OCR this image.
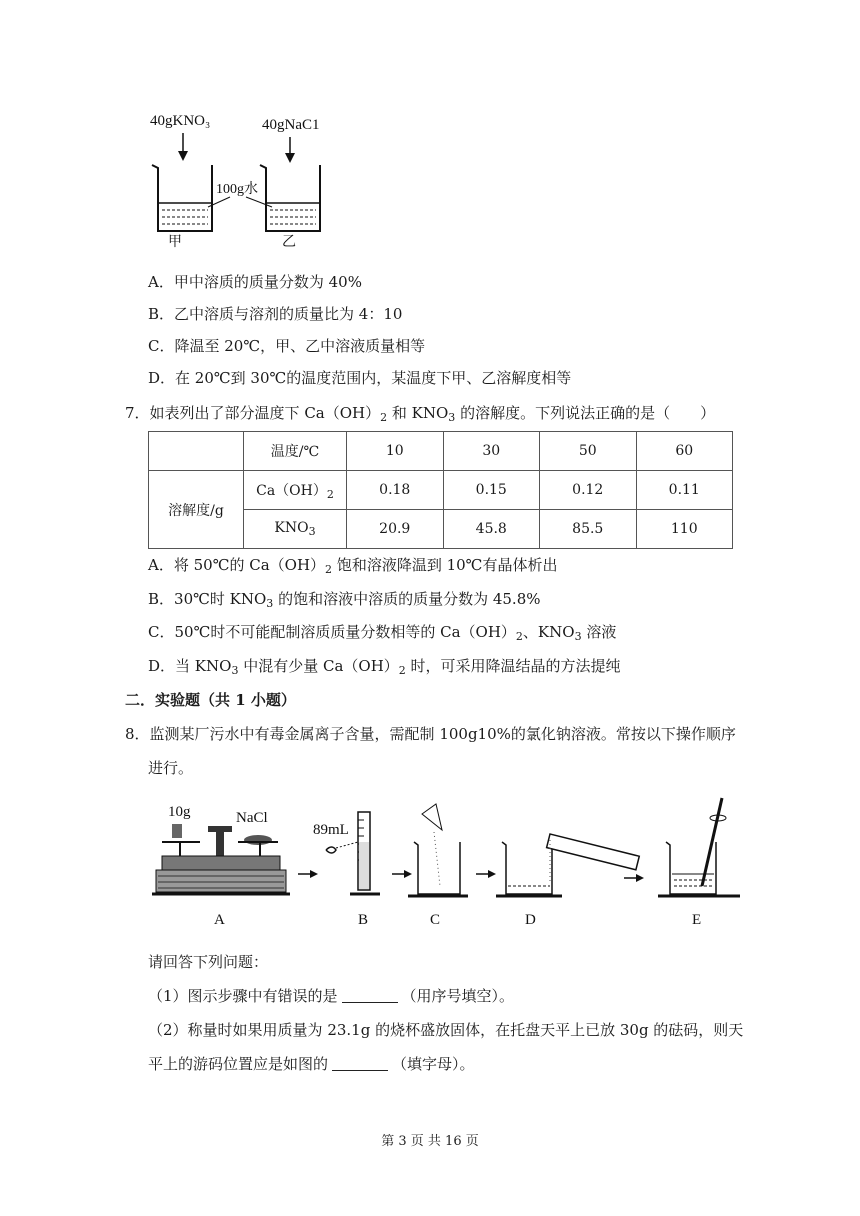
40gKNO₃	40gNaC1
100g水
甲	乙
A．甲中溶质的质量分数为 40%
B．乙中溶质与溶剂的质量比为 4：10
C．降温至 20℃，甲、乙中溶液质量相等
D．在 20℃到 30℃的温度范围内，某温度下甲、乙溶解度相等
7．如表列出了部分温度下 $Ca(OH)_2$ 和 $KNO_3$ 的溶解度。下列说法正确的是（　　）
	温度/℃	10	30	50	60
溶解度/g	$Ca(OH)_2$	0.18	0.15	0.12	0.11
	$KNO_3$	20.9	45.8	85.5	110
A．将 50℃的 $Ca(OH)_2$ 饱和溶液降温到 10℃有晶体析出
B．30℃时 $KNO_3$ 的饱和溶液中溶质的质量分数为 45.8%
C．50℃时不可能配制溶质质量分数相等的 $Ca(OH)_2$、$KNO_3$ 溶液
D．当 $KNO_3$ 中混有少量 $Ca(OH)_2$ 时，可采用降温结晶的方法提纯
二．实验题（共 1 小题）
8．监测某厂污水中有毒金属离子含量，需配制 100g10%的氯化钠溶液。常按以下操作顺序
进行。
10g	NaCl
89mL
A	B	C	D	E
请回答下列问题：
（1）图示步骤中有错误的是	（用序号填空）。
（2）称量时如果用质量为 23.1g 的烧杯盛放固体，在托盘天平上已放 30g 的砝码，则天
平上的游码位置应是如图的	（填字母）。
第 3 页 共 16 页
